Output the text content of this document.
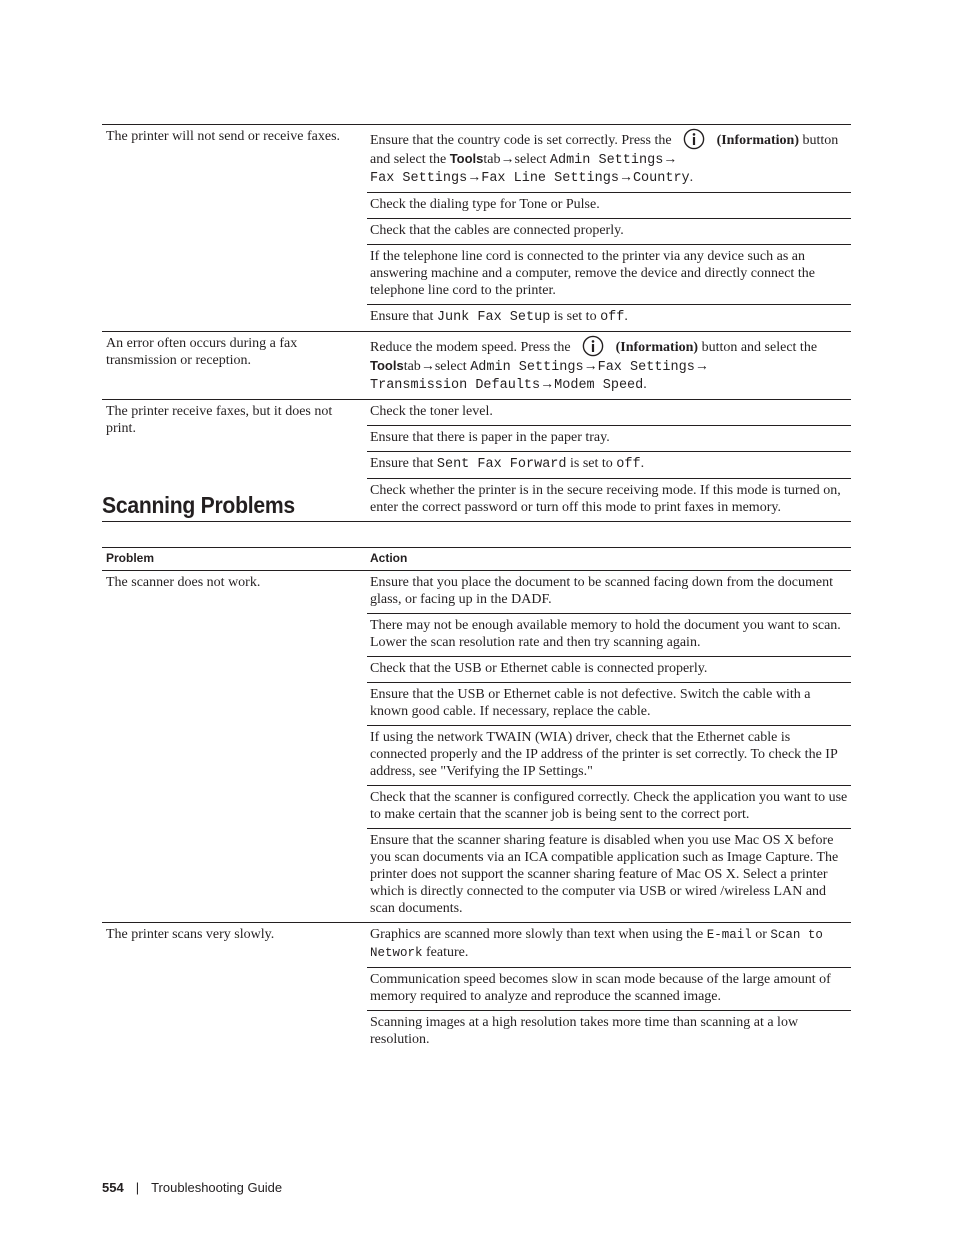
The printer will not send or receive faxes.		Ensure that the country code is set correctly. Press the (Information) button and select the Toolstab→select Admin Settings→
Fax Settings→Fax Line Settings→Country.
		Check the dialing type for Tone or Pulse.
		Check that the cables are connected properly.
		If the telephone line cord is connected to the printer via any device such as an answering machine and a computer, remove the device and directly connect the telephone line cord to the printer.
		Ensure that Junk Fax Setup is set to off.
An error often occurs during a fax transmission or reception.		Reduce the modem speed. Press the (Information) button and select the
Toolstab→select Admin Settings→Fax Settings→
Transmission Defaults→Modem Speed.
The printer receive faxes, but it does not print.		Check the toner level.
		Ensure that there is paper in the paper tray.
		Ensure that Sent Fax Forward is set to off.
		Check whether the printer is in the secure receiving mode. If this mode is turned on, enter the correct password or turn off this mode to print faxes in memory.
Scanning Problems
Problem		Action
The scanner does not work.		Ensure that you place the document to be scanned facing down from the document glass, or facing up in the DADF.
		There may not be enough available memory to hold the document you want to scan. Lower the scan resolution rate and then try scanning again.
		Check that the USB or Ethernet cable is connected properly.
		Ensure that the USB or Ethernet cable is not defective. Switch the cable with a known good cable. If necessary, replace the cable.
		If using the network TWAIN (WIA) driver, check that the Ethernet cable is connected properly and the IP address of the printer is set correctly. To check the IP address, see "Verifying the IP Settings."
		Check that the scanner is configured correctly. Check the application you want to use to make certain that the scanner job is being sent to the correct port.
		Ensure that the scanner sharing feature is disabled when you use Mac OS X before you scan documents via an ICA compatible application such as Image Capture. The printer does not support the scanner sharing feature of Mac OS X. Select a printer which is directly connected to the computer via USB or wired /wireless LAN and scan documents.
The printer scans very slowly.		Graphics are scanned more slowly than text when using the E-mail or Scan to Network feature.
		Communication speed becomes slow in scan mode because of the large amount of memory required to analyze and reproduce the scanned image.
		Scanning images at a high resolution takes more time than scanning at a low resolution.
554 | Troubleshooting Guide
